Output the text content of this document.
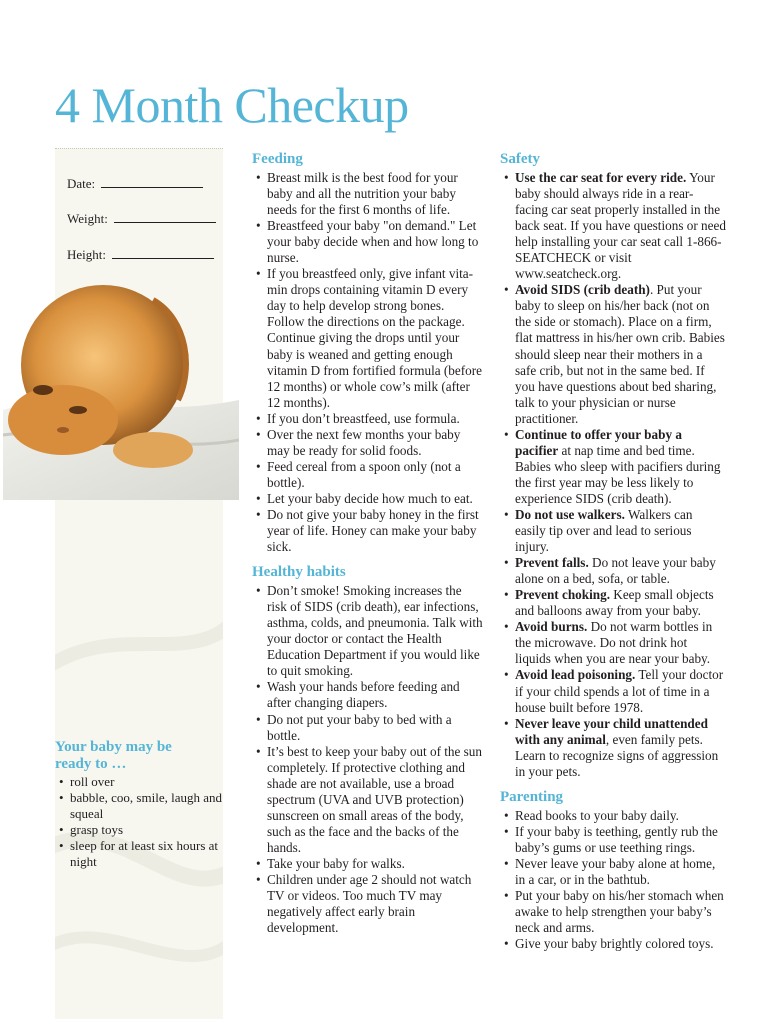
4 Month Checkup
Date:
Weight:
Height:
Your baby may be
ready to …
• roll over
• babble, coo, smile, laugh and squeal
• grasp toys
• sleep for at least six hours at night
Feeding
• Breast milk is the best food for your baby and all the nutrition your baby needs for the first 6 months of life.
• Breastfeed your baby "on demand." Let your baby decide when and how long to nurse.
• If you breastfeed only, give infant vita-min drops containing vitamin D every day to help develop strong bones. Follow the directions on the package. Continue giving the drops until your baby is weaned and getting enough vitamin D from fortified formula (before 12 months) or whole cow’s milk (after 12 months).
• If you don’t breastfeed, use formula.
• Over the next few months your baby may be ready for solid foods.
• Feed cereal from a spoon only (not a bottle).
• Let your baby decide how much to eat.
• Do not give your baby honey in the first year of life. Honey can make your baby sick.
Healthy habits
• Don’t smoke! Smoking increases the risk of SIDS (crib death), ear infections, asthma, colds, and pneumonia. Talk with your doctor or contact the Health Education Department if you would like to quit smoking.
• Wash your hands before feeding and after changing diapers.
• Do not put your baby to bed with a bottle.
• It’s best to keep your baby out of the sun completely. If protective clothing and shade are not available, use a broad spectrum (UVA and UVB protection) sunscreen on small areas of the body, such as the face and the backs of the hands.
• Take your baby for walks.
• Children under age 2 should not watch TV or videos. Too much TV may negatively affect early brain development.
Safety
• Use the car seat for every ride. Your baby should always ride in a rear-facing car seat properly installed in the back seat. If you have questions or need help installing your car seat call 1-866-SEATCHECK or visit www.seatcheck.org.
• Avoid SIDS (crib death). Put your baby to sleep on his/her back (not on the side or stomach). Place on a firm, flat mattress in his/her own crib. Babies should sleep near their mothers in a safe crib, but not in the same bed. If you have questions about bed sharing, talk to your physician or nurse practitioner.
• Continue to offer your baby a pacifier at nap time and bed time. Babies who sleep with pacifiers during the first year may be less likely to experience SIDS (crib death).
• Do not use walkers. Walkers can easily tip over and lead to serious injury.
• Prevent falls. Do not leave your baby alone on a bed, sofa, or table.
• Prevent choking. Keep small objects and balloons away from your baby.
• Avoid burns. Do not warm bottles in the microwave. Do not drink hot liquids when you are near your baby.
• Avoid lead poisoning. Tell your doctor if your child spends a lot of time in a house built before 1978.
• Never leave your child unattended with any animal, even family pets. Learn to recognize signs of aggression in your pets.
Parenting
• Read books to your baby daily.
• If your baby is teething, gently rub the baby’s gums or use teething rings.
• Never leave your baby alone at home, in a car, or in the bathtub.
• Put your baby on his/her stomach when awake to help strengthen your baby’s neck and arms.
• Give your baby brightly colored toys.
